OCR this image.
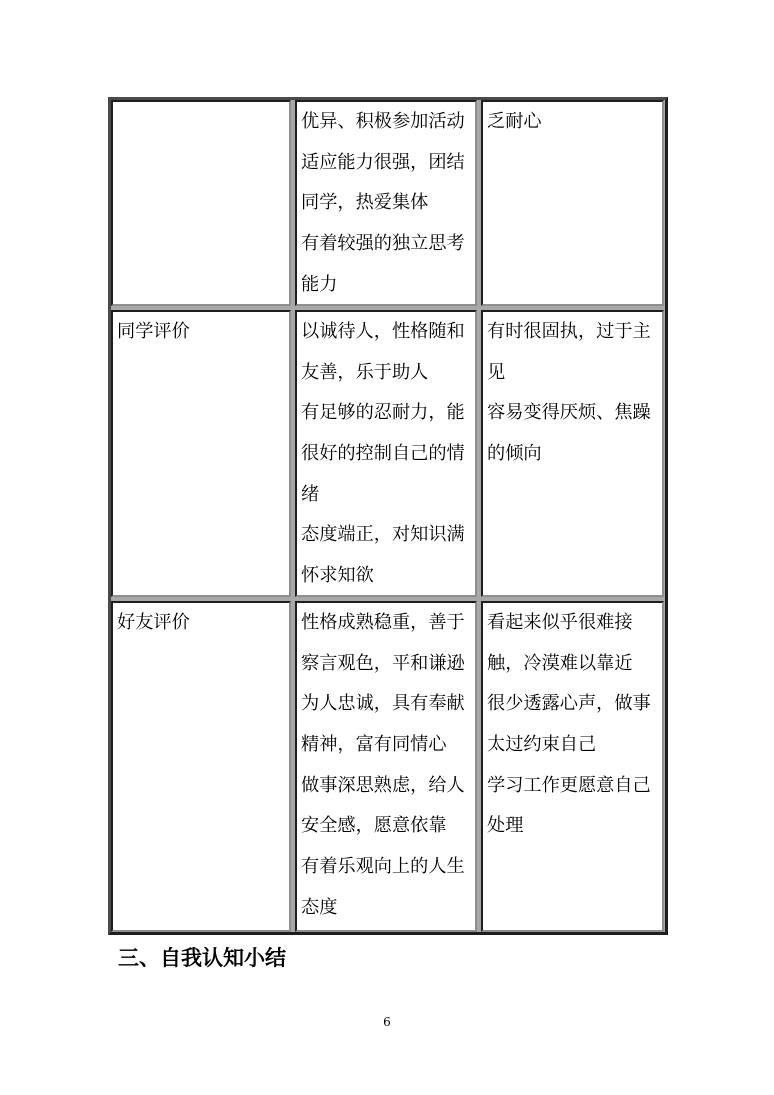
优异、积极参加活动
适应能力很强，团结
同学，热爱集体
有着较强的独立思考
能力
乏耐心
同学评价	以诚待人，性格随和
友善，乐于助人
有足够的忍耐力，能
很好的控制自己的情
绪
态度端正，对知识满
怀求知欲
有时很固执，过于主
见
容易变得厌烦、焦躁
的倾向
好友评价	性格成熟稳重，善于
察言观色，平和谦逊
为人忠诚，具有奉献
精神，富有同情心
做事深思熟虑，给人
安全感，愿意依靠
有着乐观向上的人生
态度
看起来似乎很难接
触，冷漠难以靠近
很少透露心声，做事
太过约束自己
学习工作更愿意自己
处理
三、自我认知小结
6
